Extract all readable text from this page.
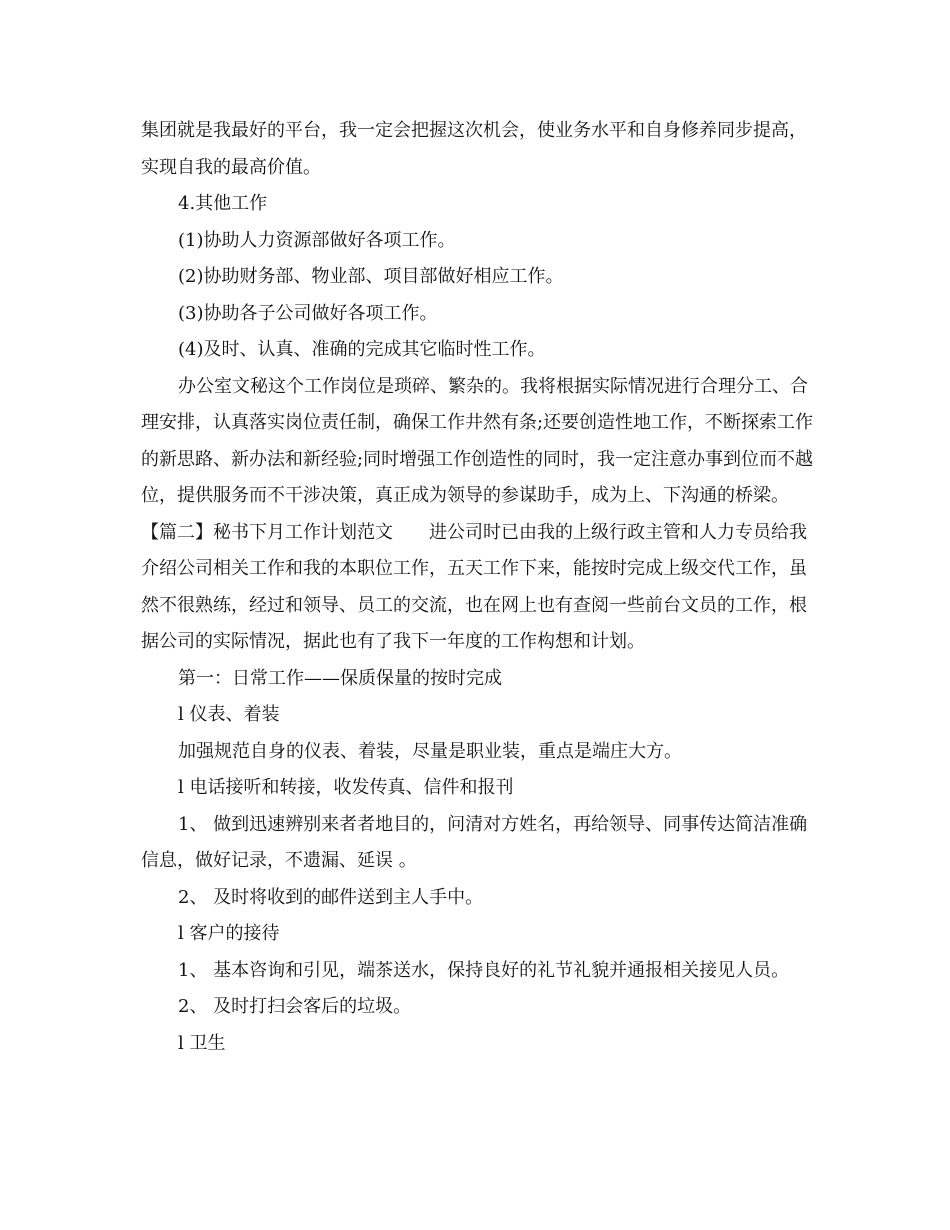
集团就是我最好的平台，我一定会把握这次机会，使业务水平和自身修养同步提高，实现自我的最高价值。

4.其他工作

(1)协助人力资源部做好各项工作。

(2)协助财务部、物业部、项目部做好相应工作。

(3)协助各子公司做好各项工作。

(4)及时、认真、准确的完成其它临时性工作。

办公室文秘这个工作岗位是琐碎、繁杂的。我将根据实际情况进行合理分工、合理安排，认真落实岗位责任制，确保工作井然有条;还要创造性地工作，不断探索工作的新思路、新办法和新经验;同时增强工作创造性的同时，我一定注意办事到位而不越位，提供服务而不干涉决策，真正成为领导的参谋助手，成为上、下沟通的桥梁。

【篇二】秘书下月工作计划范文　　进公司时已由我的上级行政主管和人力专员给我介绍公司相关工作和我的本职位工作，五天工作下来，能按时完成上级交代工作，虽然不很熟练，经过和领导、员工的交流，也在网上也有查阅一些前台文员的工作，根据公司的实际情况，据此也有了我下一年度的工作构想和计划。

第一：日常工作——保质保量的按时完成

l 仪表、着装

加强规范自身的仪表、着装，尽量是职业装，重点是端庄大方。

l 电话接听和转接，收发传真、信件和报刊

1、 做到迅速辨别来者者地目的，问清对方姓名，再给领导、同事传达简洁准确信息，做好记录，不遗漏、延误 。

2、 及时将收到的邮件送到主人手中。

l 客户的接待

1、 基本咨询和引见，端茶送水，保持良好的礼节礼貌并通报相关接见人员。

2、 及时打扫会客后的垃圾。

l 卫生
